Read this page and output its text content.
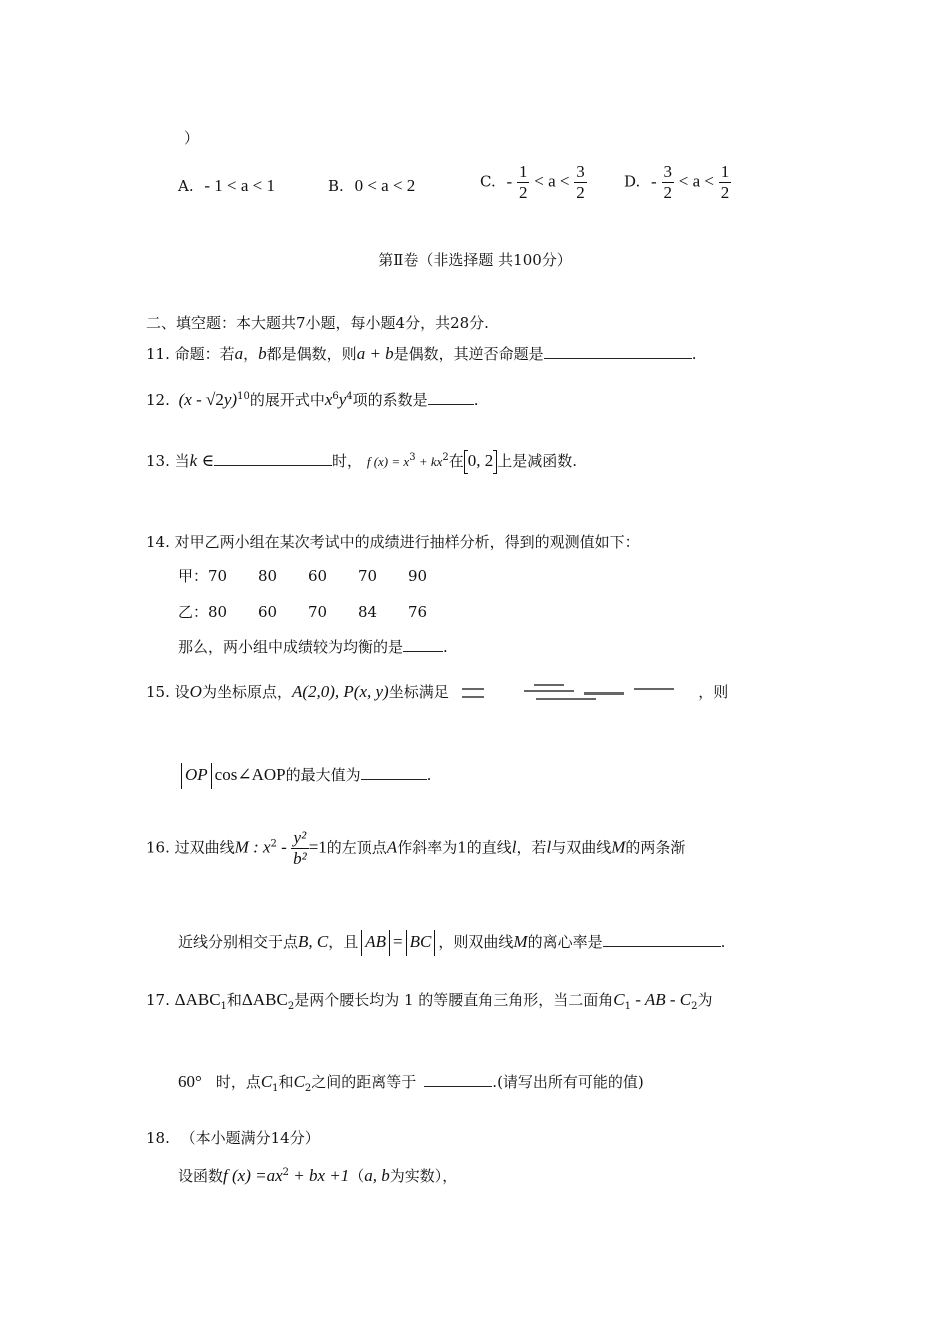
）
A. - 1 < a < 1	B. 0 < a < 2	C. - $\frac{1}{2} < a < \frac{3}{2} D$. - $\frac{3}{2} < a < \frac{1}{2}$
第Ⅱ卷（非选择题 共100分）
二、填空题：本大题共7小题，每小题4分，共28分.
11. 命题：若a，b都是偶数，则a + b是偶数，其逆否命题是	.
12. (x - √2y)$^{10}$的展开式中$x^6y^4$项的系数是	.
13. 当k ∈	时， f $(x) = x^3 + kx^2$在 0, 2 上是减函数.
14. 对甲乙两小组在某次考试中的成绩进行抽样分析，得到的观测值如下：
甲：70 80 60 70 90
乙：80 60 70 84 76
那么，两小组中成绩较为均衡的是	.
15. 设O为坐标原点，A(2,0), P(x, y)坐标满足	，则
OP cos∠AOP的最大值为	.
16. 过双曲线M : $x^2 - \frac{\text{y²}}{\text{b²}} =1$的左顶点A作斜率为1的直线l，若l与双曲线M的两条渐
近线分别相交于点B, C，且 AB = BC ，则双曲线M的离心率是	.
17. $\Delta ABC_1$和$\Delta ABC_2$是两个腰长均为 1 的等腰直角三角形，当二面角$C_1$ - AB - $C_2$为
60° 时，点$C_1$和$C_2$之间的距离等于	.(请写出所有可能的值)
18. （本小题满分14分）
设函数f $(x) =ax^2$ + bx +1（a, b为实数），
